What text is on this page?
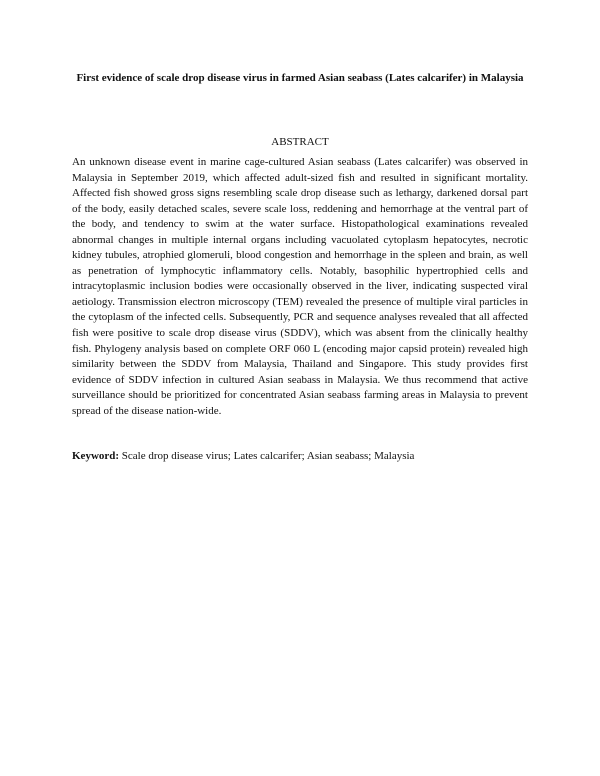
First evidence of scale drop disease virus in farmed Asian seabass (Lates calcarifer) in Malaysia
ABSTRACT

An unknown disease event in marine cage-cultured Asian seabass (Lates calcarifer) was observed in Malaysia in September 2019, which affected adult-sized fish and resulted in significant mortality. Affected fish showed gross signs resembling scale drop disease such as lethargy, darkened dorsal part of the body, easily detached scales, severe scale loss, reddening and hemorrhage at the ventral part of the body, and tendency to swim at the water surface. Histopathological examinations revealed abnormal changes in multiple internal organs including vacuolated cytoplasm hepatocytes, necrotic kidney tubules, atrophied glomeruli, blood congestion and hemorrhage in the spleen and brain, as well as penetration of lymphocytic inflammatory cells. Notably, basophilic hypertrophied cells and intracytoplasmic inclusion bodies were occasionally observed in the liver, indicating suspected viral aetiology. Transmission electron microscopy (TEM) revealed the presence of multiple viral particles in the cytoplasm of the infected cells. Subsequently, PCR and sequence analyses revealed that all affected fish were positive to scale drop disease virus (SDDV), which was absent from the clinically healthy fish. Phylogeny analysis based on complete ORF 060 L (encoding major capsid protein) revealed high similarity between the SDDV from Malaysia, Thailand and Singapore. This study provides first evidence of SDDV infection in cultured Asian seabass in Malaysia. We thus recommend that active surveillance should be prioritized for concentrated Asian seabass farming areas in Malaysia to prevent spread of the disease nation-wide.

Keyword: Scale drop disease virus; Lates calcarifer; Asian seabass; Malaysia
